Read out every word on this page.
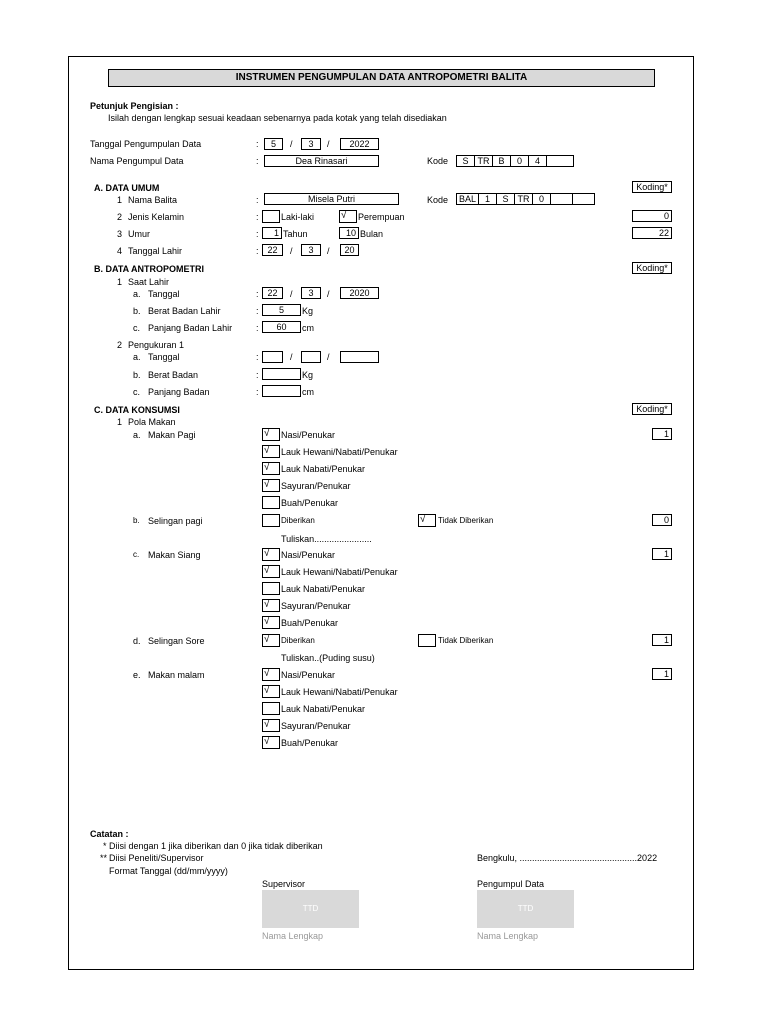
INSTRUMEN PENGUMPULAN DATA ANTROPOMETRI BALITA
Petunjuk Pengisian :
Isilah dengan lengkap sesuai keadaan sebenarnya pada kotak yang telah disediakan
Tanggal Pengumpulan Data	:	5	/	3	/	2022
Nama Pengumpul Data	:	Dea Rinasari	Kode	S	TR B	0	4
A. DATA UMUM	Koding*
1 Nama Balita	:	Misela Putri	Kode	BAL 1	S	TR	0
2 Jenis Kelamin	: Laki-laki	√ Perempuan	0
3 Umur	:	1 Tahun	10 Bulan	22
4 Tanggal Lahir	: 22	/	3	/	20
B. DATA ANTROPOMETRI	Koding*
1 Saat Lahir
a. Tanggal	: 22	/	3	/	2020
b. Berat Badan Lahir	:	5	Kg
c. Panjang Badan Lahir	:	60	cm
2 Pengukuran 1
a. Tanggal	:	/	/
b. Berat Badan	:	Kg
c. Panjang Badan	:	cm
C. DATA KONSUMSI	Koding*
1 Pola Makan
a. Makan Pagi	1
√ Nasi/Penukar
√ Lauk Hewani/Nabati/Penukar
√ Lauk Nabati/Penukar
√ Sayuran/Penukar
Buah/Penukar
b. Selingan pagi	Diberikan	√ Tidak Diberikan	0
Tuliskan.......................
c. Makan Siang	1
√ Nasi/Penukar
√ Lauk Hewani/Nabati/Penukar
Lauk Nabati/Penukar
√ Sayuran/Penukar
√ Buah/Penukar
d. Selingan Sore	√ Diberikan	Tidak Diberikan	1
Tuliskan..(Puding susu)
e. Makan malam	1
√ Nasi/Penukar
√ Lauk Hewani/Nabati/Penukar
Lauk Nabati/Penukar
√ Sayuran/Penukar
√ Buah/Penukar
Catatan :
* Diisi dengan 1 jika diberikan dan 0 jika tidak diberikan
** Diisi Peneliti/Supervisor
Format Tanggal (dd/mm/yyyy)
Bengkulu, ...............................................2022
Supervisor	Pengumpul Data
TTD	TTD
Nama Lengkap	Nama Lengkap
